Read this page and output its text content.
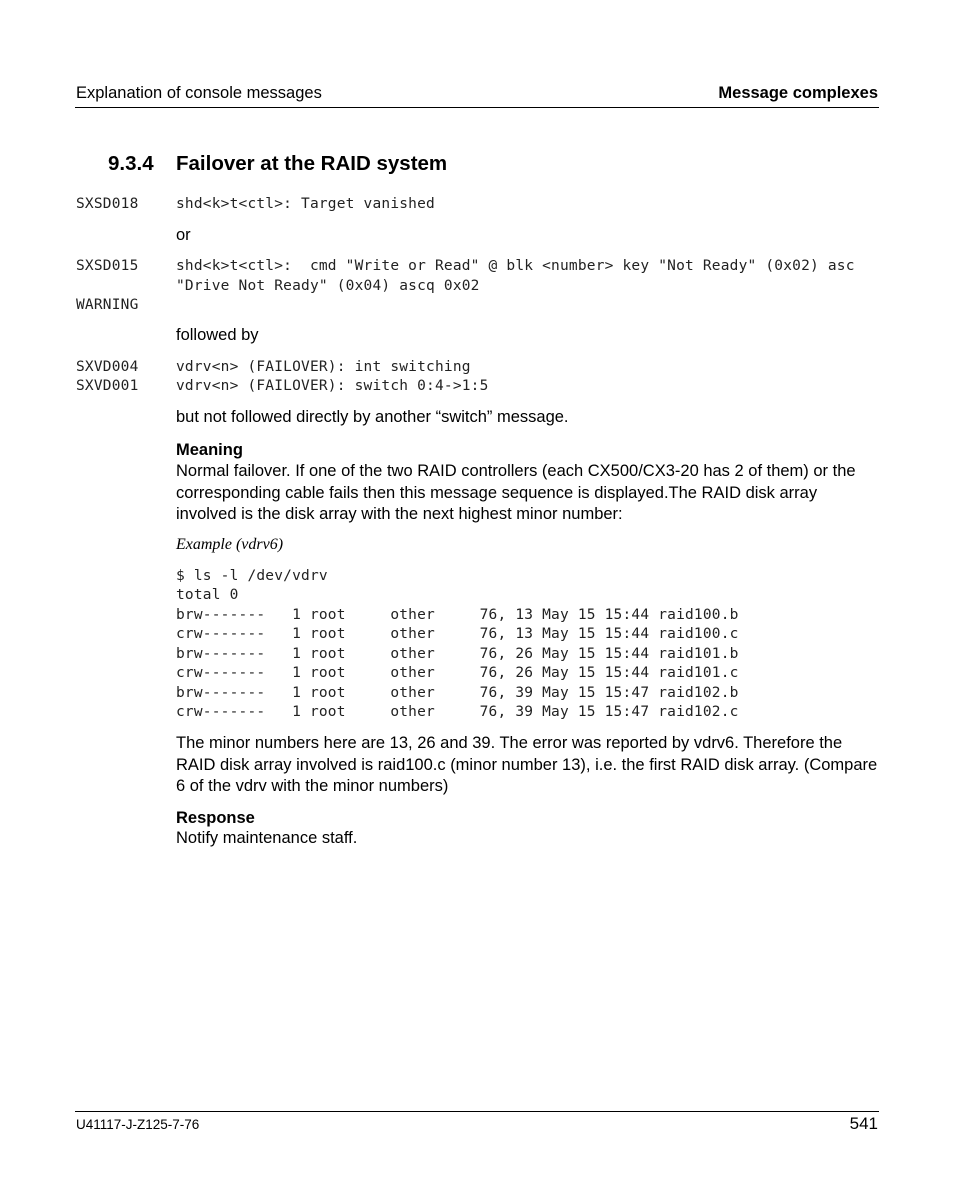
Explanation of console messages	Message complexes
9.3.4 Failover at the RAID system
SXSD018	shd<k>t<ctl>: Target vanished
or
SXSD015	shd<k>t<ctl>:  cmd "Write or Read" @ blk <number> key "Not Ready" (0x02) asc
"Drive Not Ready" (0x04) ascq 0x02
WARNING
followed by
SXVD004	vdrv<n> (FAILOVER): int switching
SXVD001	vdrv<n> (FAILOVER): switch 0:4->1:5
but not followed directly by another “switch” message.
Meaning
Normal failover. If one of the two RAID controllers (each CX500/CX3-20 has 2 of them) or the corresponding cable fails then this message sequence is displayed.The RAID disk array involved is the disk array with the next highest minor number:
Example (vdrv6)
$ ls -l /dev/vdrv
total 0
brw-------   1 root     other     76, 13 May 15 15:44 raid100.b
crw-------   1 root     other     76, 13 May 15 15:44 raid100.c
brw-------   1 root     other     76, 26 May 15 15:44 raid101.b
crw-------   1 root     other     76, 26 May 15 15:44 raid101.c
brw-------   1 root     other     76, 39 May 15 15:47 raid102.b
crw-------   1 root     other     76, 39 May 15 15:47 raid102.c
The minor numbers here are 13, 26 and 39. The error was reported by vdrv6. Therefore the RAID disk array involved is raid100.c (minor number 13), i.e. the first RAID disk array. (Compare 6 of the vdrv with the minor numbers)
Response
Notify maintenance staff.
U41117-J-Z125-7-76	541
